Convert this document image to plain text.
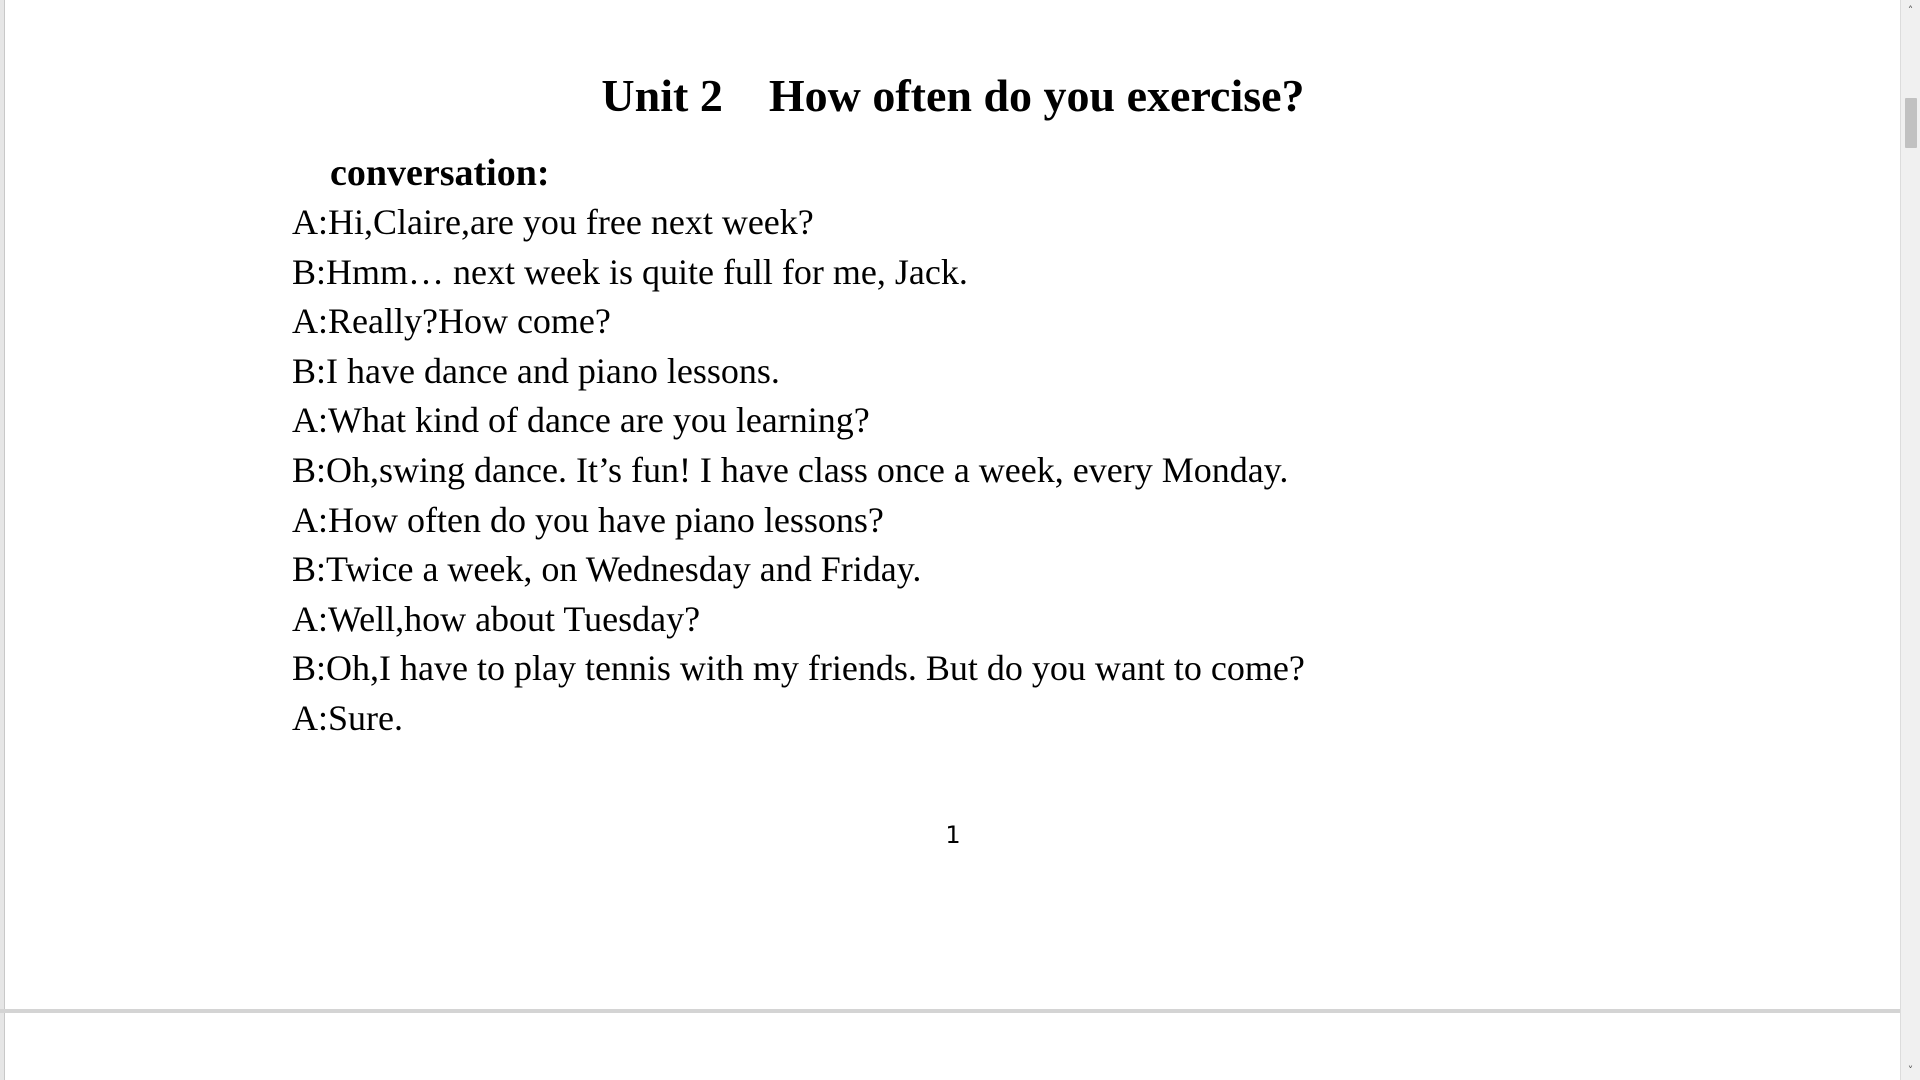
Unit 2　How often do you exercise?
conversation:
A:Hi,Claire,are you free next week?
B:Hmm… next week is quite full for me, Jack.
A:Really?How come?
B:I have dance and piano lessons.
A:What kind of dance are you learning?
B:Oh,swing dance. It’s fun! I have class once a week, every Monday.
A:How often do you have piano lessons?
B:Twice a week, on Wednesday and Friday.
A:Well,how about Tuesday?
B:Oh,I have to play tennis with my friends. But do you want to come?
A:Sure.
1
˄
˅
